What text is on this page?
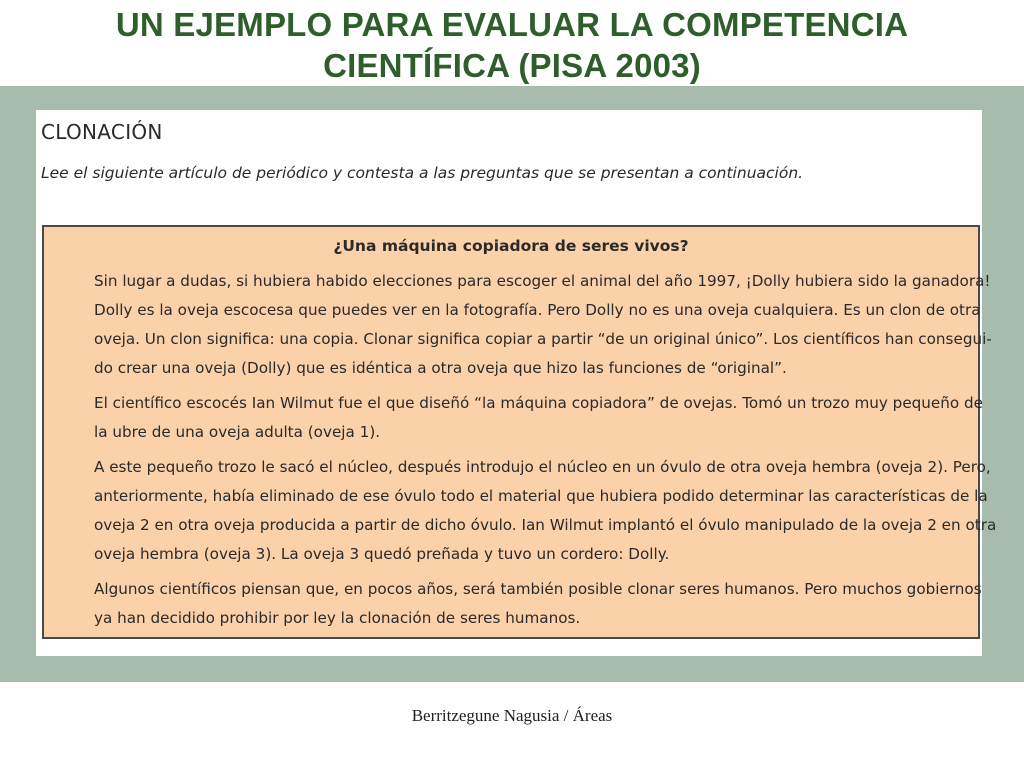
UN EJEMPLO PARA EVALUAR LA COMPETENCIA
CIENTÍFICA (PISA 2003)
CLONACIÓN
Lee el siguiente artículo de periódico y contesta a las preguntas que se presentan a continuación.
¿Una máquina copiadora de seres vivos?

Sin lugar a dudas, si hubiera habido elecciones para escoger el animal del año 1997, ¡Dolly hubiera sido la ganadora!
Dolly es la oveja escocesa que puedes ver en la fotografía. Pero Dolly no es una oveja cualquiera. Es un clon de otra
oveja. Un clon significa: una copia. Clonar significa copiar a partir “de un original único”. Los científicos han consegui-
do crear una oveja (Dolly) que es idéntica a otra oveja que hizo las funciones de “original”.

El científico escocés Ian Wilmut fue el que diseñó “la máquina copiadora” de ovejas. Tomó un trozo muy pequeño de
la ubre de una oveja adulta (oveja 1).

A este pequeño trozo le sacó el núcleo, después introdujo el núcleo en un óvulo de otra oveja hembra (oveja 2). Pero,
anteriormente, había eliminado de ese óvulo todo el material que hubiera podido determinar las características de la
oveja 2 en otra oveja producida a partir de dicho óvulo. Ian Wilmut implantó el óvulo manipulado de la oveja 2 en otra
oveja hembra (oveja 3). La oveja 3 quedó preñada y tuvo un cordero: Dolly.

Algunos científicos piensan que, en pocos años, será también posible clonar seres humanos. Pero muchos gobiernos
ya han decidido prohibir por ley la clonación de seres humanos.

Berritzegune Nagusia / Áreas
